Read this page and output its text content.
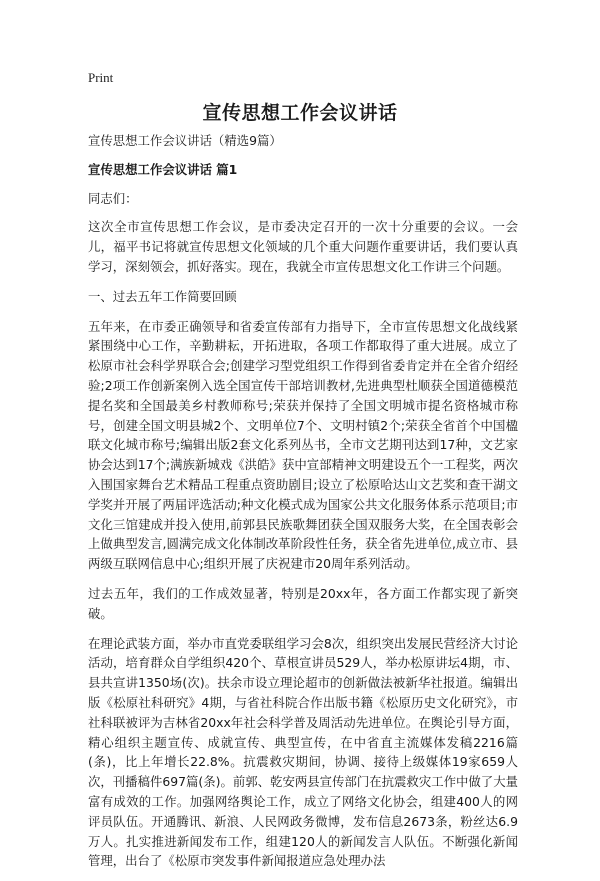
Print
宣传思想工作会议讲话

宣传思想工作会议讲话（精选9篇）

宣传思想工作会议讲话 篇1

同志们：

这次全市宣传思想工作会议，是市委决定召开的一次十分重要的会议。一会儿，福平书记将就宣传思想文化领域的几个重大问题作重要讲话，我们要认真学习，深刻领会，抓好落实。现在，我就全市宣传思想文化工作讲三个问题。

一、过去五年工作简要回顾

五年来，在市委正确领导和省委宣传部有力指导下，全市宣传思想文化战线紧紧围绕中心工作，辛勤耕耘，开拓进取，各项工作都取得了重大进展。成立了松原市社会科学界联合会;创建学习型党组织工作得到省委肯定并在全省介绍经验;2项工作创新案例入选全国宣传干部培训教材,先进典型杜顺获全国道德模范提名奖和全国最美乡村教师称号;荣获并保持了全国文明城市提名资格城市称号，创建全国文明县城2个、文明单位7个、文明村镇2个;荣获全省首个中国楹联文化城市称号;编辑出版2套文化系列丛书，全市文艺期刊达到17种，文艺家协会达到17个;满族新城戏《洪皓》获中宣部精神文明建设五个一工程奖，两次入围国家舞台艺术精品工程重点资助剧目;设立了松原哈达山文艺奖和查干湖文学奖并开展了两届评选活动;种文化模式成为国家公共文化服务体系示范项目;市文化三馆建成并投入使用,前郭县民族歌舞团获全国双服务大奖，在全国表彰会上做典型发言,圆满完成文化体制改革阶段性任务，获全省先进单位,成立市、县两级互联网信息中心;组织开展了庆祝建市20周年系列活动。

过去五年，我们的工作成效显著，特别是20xx年，各方面工作都实现了新突破。

在理论武装方面，举办市直党委联组学习会8次，组织突出发展民营经济大讨论活动，培育群众自学组织420个、草根宣讲员529人，举办松原讲坛4期，市、县共宣讲1350场(次)。扶余市设立理论超市的创新做法被新华社报道。编辑出版《松原社科研究》4期，与省社科院合作出版书籍《松原历史文化研究》，市社科联被评为吉林省20xx年社会科学普及周活动先进单位。在舆论引导方面，精心组织主题宣传、成就宣传、典型宣传，在中省直主流媒体发稿2216篇(条)，比上年增长22.8%。抗震救灾期间，协调、接待上级媒体19家659人次，刊播稿件697篇(条)。前郭、乾安两县宣传部门在抗震救灾工作中做了大量富有成效的工作。加强网络舆论工作，成立了网络文化协会，组建400人的网评员队伍。开通腾讯、新浪、人民网政务微博，发布信息2673条，粉丝达6.9万人。扎实推进新闻发布工作，组建120人的新闻发言人队伍。不断强化新闻管理，出台了《松原市突发事件新闻报道应急处理办法
